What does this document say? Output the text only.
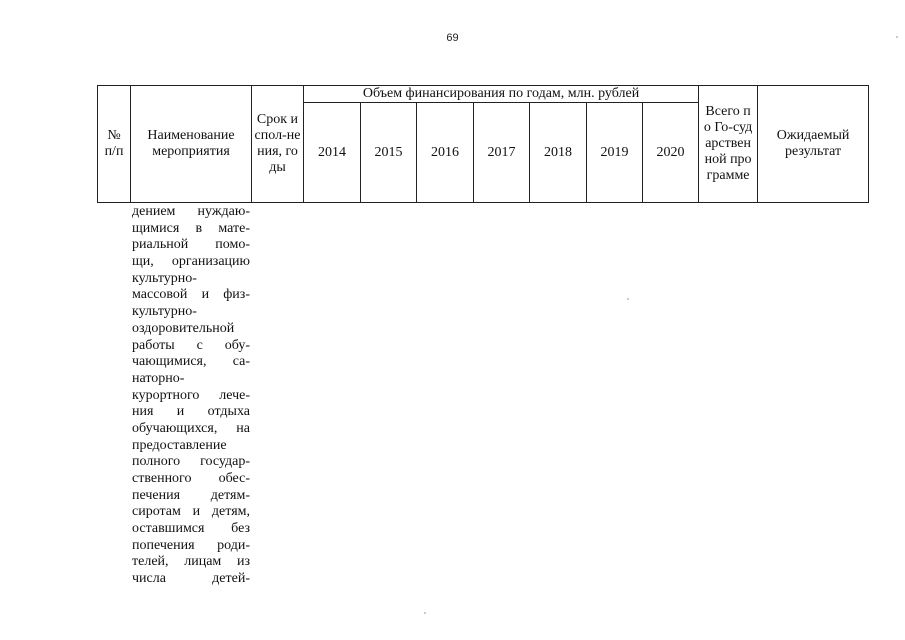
69
№ п/п	Наименование мероприятия	Срок испол-нения, годы	Объем финансирования по годам, млн. рублей							Всего по Го-сударственной программе	Ожидаемый результат

			2014	2015	2016	2017	2018	2019	2020		
дением нуждаю-
щимися в мате-
риальной помо-
щи, организацию
культурно-
массовой и физ-
культурно-
оздоровительной
работы с обу-
чающимися, са-
наторно-
курортного лече-
ния и отдыха
обучающихся, на
предоставление
полного государ-
ственного обес-
печения детям-
сиротам и детям,
оставшимся без
попечения роди-
телей, лицам из
числа детей-
